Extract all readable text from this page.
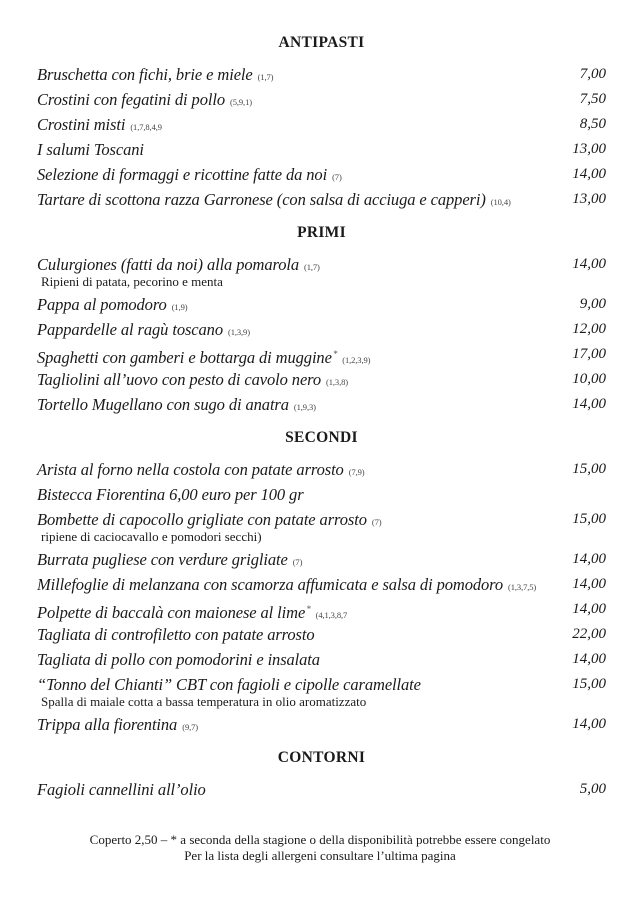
ANTIPASTI
Bruschetta con fichi, brie e miele (1,7)	7,00
Crostini con fegatini di pollo (5,9,1)	7,50
Crostini misti (1,7,8,4,9	8,50
I salumi Toscani	13,00
Selezione di formaggi e ricottine fatte da noi (7)	14,00
Tartare di scottona razza Garronese (con salsa di acciuga e capperi) (10,4)	13,00
PRIMI
Culurgiones (fatti da noi) alla pomarola (1,7)	14,00
Ripieni di patata, pecorino e menta
Pappa al pomodoro (1,9)	9,00
Pappardelle al ragù toscano (1,3,9)	12,00
Spaghetti con gamberi e bottarga di muggine*(1,2,3,9)	17,00
Tagliolini all’uovo con pesto di cavolo nero (1,3,8)	10,00
Tortello Mugellano con sugo di anatra (1,9,3)	14,00
SECONDI
Arista al forno nella costola con patate arrosto (7,9)	15,00
Bistecca Fiorentina 6,00 euro per 100 gr
Bombette di capocollo grigliate con patate arrosto (7)	15,00
ripiene di caciocavallo e pomodori secchi)
Burrata pugliese con verdure grigliate (7)	14,00
Millefoglie di melanzana con scamorza affumicata e salsa di pomodoro (1,3,7,5) 14,00
Polpette di baccalà con maionese al lime*(4,1,3,8,7	14,00
Tagliata di controfiletto con patate arrosto	22,00
Tagliata di pollo con pomodorini e insalata	14,00
“Tonno del Chianti” CBT con fagioli e cipolle caramellate	15,00
Spalla di maiale cotta a bassa temperatura in olio aromatizzato
Trippa alla fiorentina (9,7)	14,00
CONTORNI
Fagioli cannellini all’olio	5,00
Coperto 2,50 – * a seconda della stagione o della disponibilità potrebbe essere congelato
Per la lista degli allergeni consultare l’ultima pagina
